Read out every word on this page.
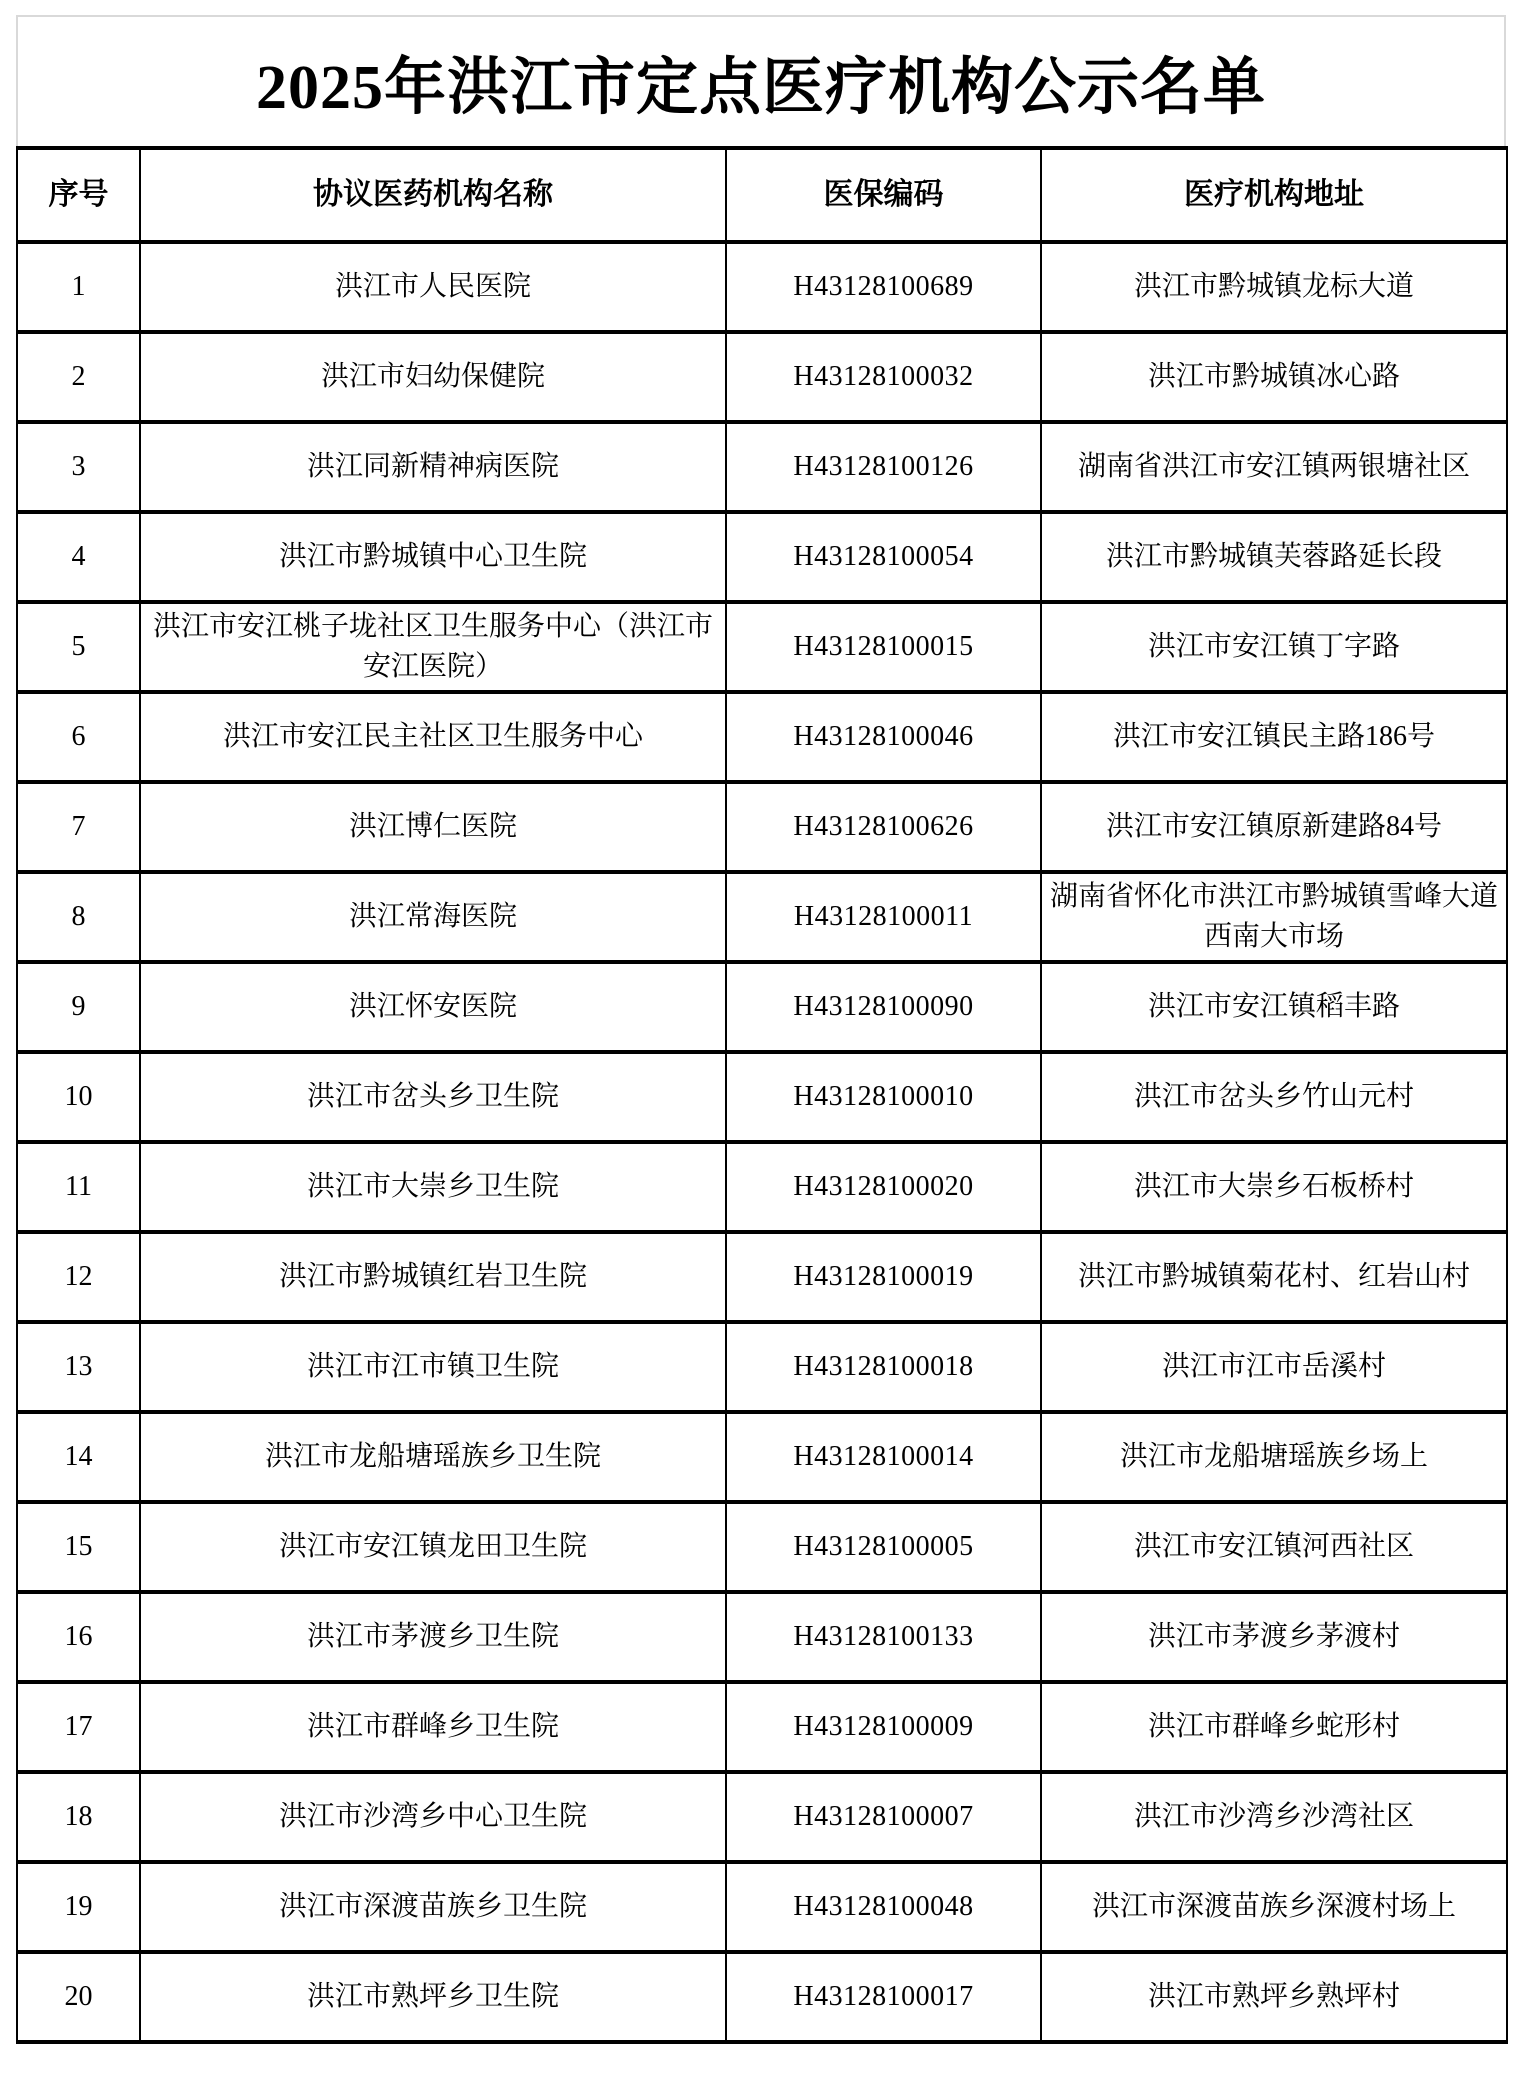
2025年洪江市定点医疗机构公示名单
序号	协议医药机构名称	医保编码	医疗机构地址
1	洪江市人民医院	H43128100689	洪江市黔城镇龙标大道
2	洪江市妇幼保健院	H43128100032	洪江市黔城镇冰心路
3	洪江同新精神病医院	H43128100126	湖南省洪江市安江镇两银塘社区
4	洪江市黔城镇中心卫生院	H43128100054	洪江市黔城镇芙蓉路延长段
5	洪江市安江桃子垅社区卫生服务中心（洪江市安江医院）	H43128100015	洪江市安江镇丁字路
6	洪江市安江民主社区卫生服务中心	H43128100046	洪江市安江镇民主路186号
7	洪江博仁医院	H43128100626	洪江市安江镇原新建路84号
8	洪江常海医院	H43128100011	湖南省怀化市洪江市黔城镇雪峰大道西南大市场
9	洪江怀安医院	H43128100090	洪江市安江镇稻丰路
10	洪江市岔头乡卫生院	H43128100010	洪江市岔头乡竹山元村
11	洪江市大崇乡卫生院	H43128100020	洪江市大崇乡石板桥村
12	洪江市黔城镇红岩卫生院	H43128100019	洪江市黔城镇菊花村、红岩山村
13	洪江市江市镇卫生院	H43128100018	洪江市江市岳溪村
14	洪江市龙船塘瑶族乡卫生院	H43128100014	洪江市龙船塘瑶族乡场上
15	洪江市安江镇龙田卫生院	H43128100005	洪江市安江镇河西社区
16	洪江市茅渡乡卫生院	H43128100133	洪江市茅渡乡茅渡村
17	洪江市群峰乡卫生院	H43128100009	洪江市群峰乡蛇形村
18	洪江市沙湾乡中心卫生院	H43128100007	洪江市沙湾乡沙湾社区
19	洪江市深渡苗族乡卫生院	H43128100048	洪江市深渡苗族乡深渡村场上
20	洪江市熟坪乡卫生院	H43128100017	洪江市熟坪乡熟坪村
